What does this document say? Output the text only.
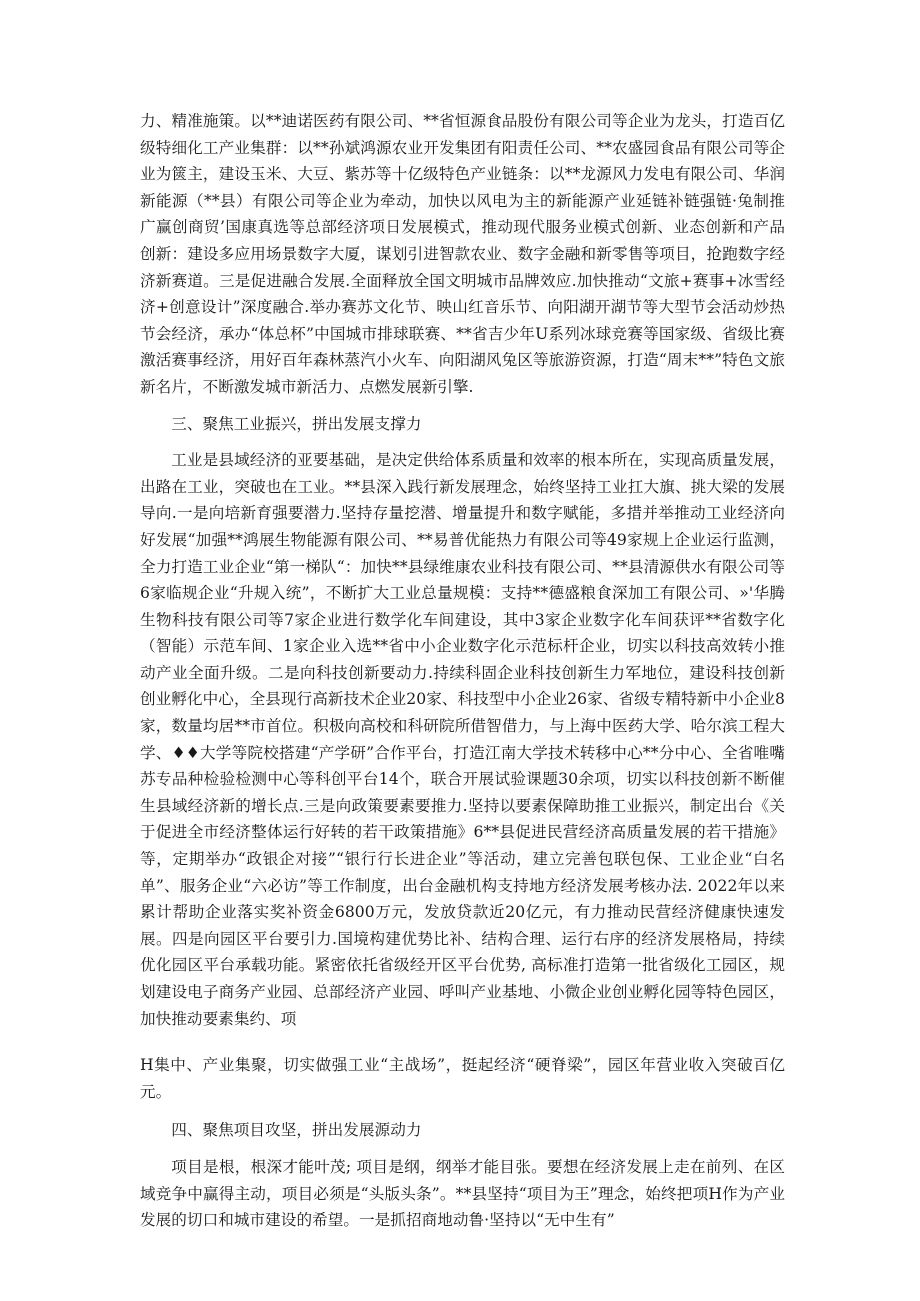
力、精准施策。以**迪诺医药有限公司、**省恒源食品股份有限公司等企业为龙头，打造百亿级特细化工产业集群：以**孙斌鸿源农业开发集团有阳责任公司、**农盛园食品有限公司等企业为篋主，建设玉米、大豆、紫苏等十亿级特色产业链条：以**龙源风力发电有限公司、华润新能源（**县）有限公司等企业为牵动，加快以风电为主的新能源产业延链补链强链·兔制推广赢创商贸’国康真选等总部经济项日发展模式，推动现代服务业模式创新、业态创新和产品创新：建设多应用场景数字大厦，谋划引进智款农业、数字金融和新零售等项目，抢跑数字经济新赛道。三是促进融合发展.全面释放全国文明城市品牌效应.加快推动“文旅+赛事+冰雪经济+创意设计”深度融合.举办赛苏文化节、映山红音乐节、向阳湖开湖节等大型节会活动炒热节会经济，承办“体总杯”中国城市排球联赛、**省吉少年U系列冰球竞赛等国家级、省级比赛激活赛事经济，用好百年森林蒸汽小火车、向阳湖风兔区等旅游资源，打造“周末**”特色文旅新名片，不断激发城市新活力、点燃发展新引擎.

三、聚焦工业振兴，拼出发展支撑力

工业是县域经济的亚要基础，是决定供给体系质量和效率的根本所在，实现高质量发展，出路在工业，突破也在工业。**县深入践行新发展理念，始终坚持工业扛大旗、挑大梁的发展导向.一是向培新育强要潜力.坚持存量挖潜、增量提升和数字赋能，多措并举推动工业经济向好发展“加强**鸿展生物能源有限公司、**易普优能热力有限公司等49家规上企业运行监测，全力打造工业企业“第一梯队“：加快**县绿维康农业科技有限公司、**县清源供水有限公司等6家临规企业“升规入统”，不断扩大工业总量规模：支持**德盛粮食深加工有限公司、»'华腾生物科技有限公司等7家企业进行数学化车间建设，其中3家企业数字化车间获评**省数字化（智能）示范车间、1家企业入选**省中小企业数字化示范标杆企业，切实以科技高效转小推动产业全面升级。二是向科技创新要动力.持续科固企业科技创新生力军地位，建设科技创新创业孵化中心，全县现行高新技术企业20家、科技型中小企业26家、省级专精特新中小企业8家，数量均居**市首位。积极向高校和科研院所借智借力，与上海中医药大学、哈尔滨工程大学、♦♦大学等院校搭建“产学研”合作平台，打造江南大学技术转移中心**分中心、全省唯嘴苏专品种检验检测中心等科创平台14个，联合开展试验课题30余项，切实以科技创新不断催生县域经济新的增长点.三是向政策要素要推力.坚持以要素保障助推工业振兴，制定出台《关于促进全市经济整体运行好转的若干政策措施》6**县促进民营经济高质量发展的若干措施》等，定期举办“政银企对接”“银行行长进企业”等活动，建立完善包联包保、工业企业“白名单”、服务企业“六必访”等工作制度，出台金融机构支持地方经济发展考核办法. 2022年以来累计帮助企业落实奖补资金6800万元，发放贷款近20亿元，有力推动民营经济健康快速发展。四是向园区平台要引力.国境构建优势比补、结构合理、运行右序的经济发展格局，持续优化园区平台承载功能。紧密依托省级经开区平台优势, 高标准打造第一批省级化工园区，规划建设电子商务产业园、总部经济产业园、呼叫产业基地、小微企业创业孵化园等特色园区，加快推动要素集约、项

H集中、产业集聚，切实做强工业“主战场”，挺起经济“硬脊梁”，园区年营业收入突破百亿元。

四、聚焦项目攻坚，拼出发展源动力

项目是根，根深才能叶茂; 项目是纲，纲举才能目张。要想在经济发展上走在前列、在区域竞争中赢得主动，项目必须是“头版头条”。**县坚持“项目为王”理念，始终把项H作为产业发展的切口和城市建设的希望。一是抓招商地动鲁·坚持以“无中生有”
